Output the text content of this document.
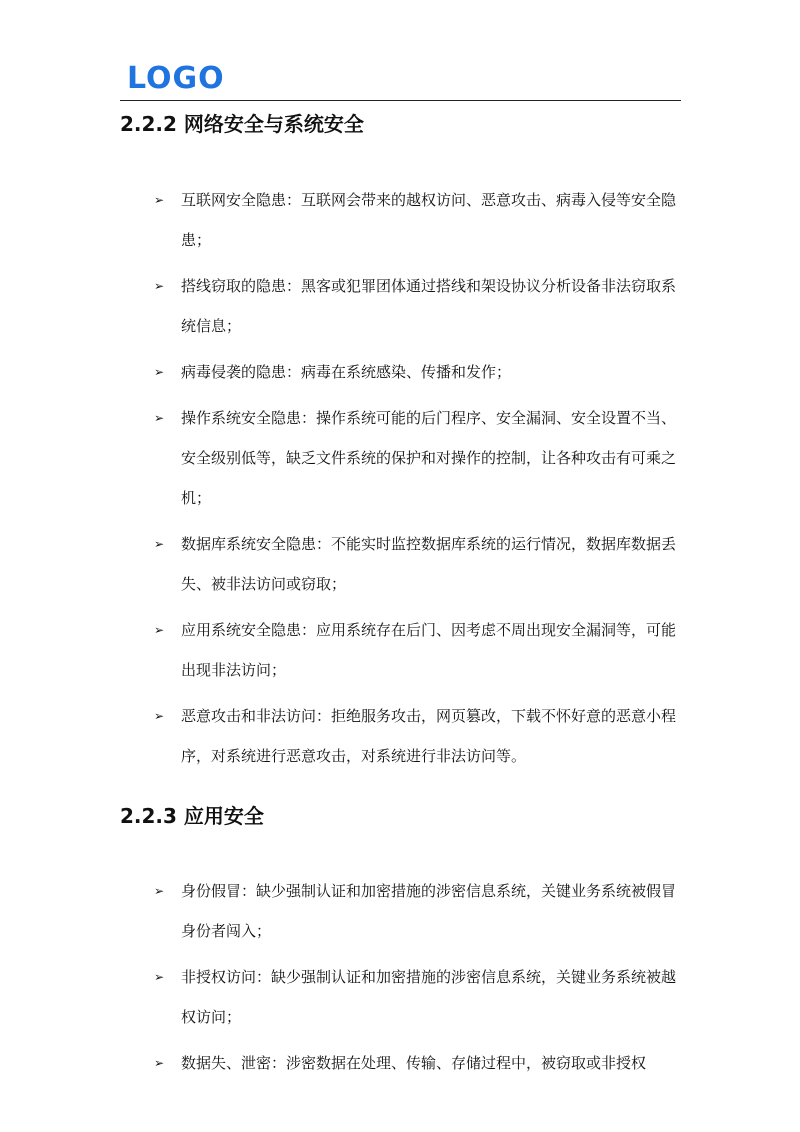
LOGO
2.2.2 网络安全与系统安全
➢ 互联网安全隐患：互联网会带来的越权访问、恶意攻击、病毒入侵等安全隐患；
➢ 搭线窃取的隐患：黑客或犯罪团体通过搭线和架设协议分析设备非法窃取系统信息；
➢ 病毒侵袭的隐患：病毒在系统感染、传播和发作；
➢ 操作系统安全隐患：操作系统可能的后门程序、安全漏洞、安全设置不当、安全级别低等，缺乏文件系统的保护和对操作的控制，让各种攻击有可乘之机；
➢ 数据库系统安全隐患：不能实时监控数据库系统的运行情况，数据库数据丢失、被非法访问或窃取；
➢ 应用系统安全隐患：应用系统存在后门、因考虑不周出现安全漏洞等，可能出现非法访问；
➢ 恶意攻击和非法访问：拒绝服务攻击，网页篡改，下载不怀好意的恶意小程序，对系统进行恶意攻击，对系统进行非法访问等。
2.2.3 应用安全
➢ 身份假冒：缺少强制认证和加密措施的涉密信息系统，关键业务系统被假冒身份者闯入；
➢ 非授权访问：缺少强制认证和加密措施的涉密信息系统，关键业务系统被越权访问；
➢ 数据失、泄密：涉密数据在处理、传输、存储过程中，被窃取或非授权
